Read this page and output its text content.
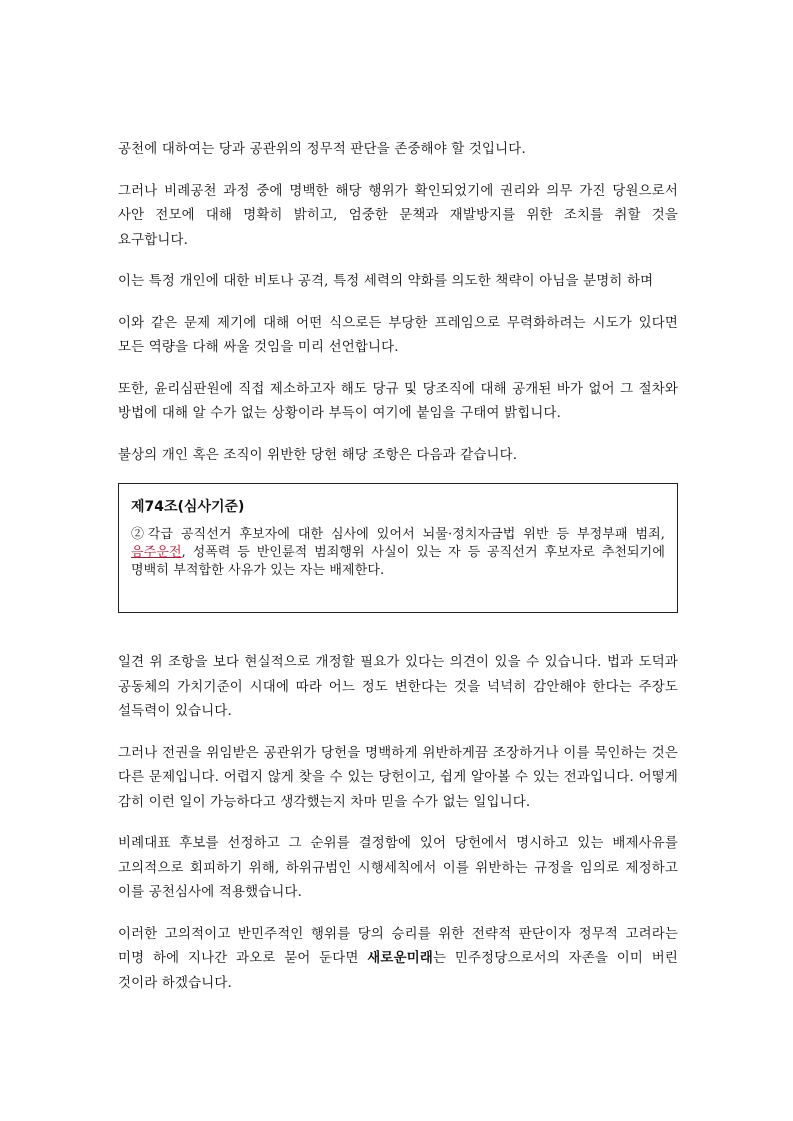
공천에 대하여는 당과 공관위의 정무적 판단을 존중해야 할 것입니다.

그러나 비례공천 과정 중에 명백한 해당 행위가 확인되었기에 권리와 의무 가진 당원으로서 사안 전모에 대해 명확히 밝히고, 엄중한 문책과 재발방지를 위한 조치를 취할 것을 요구합니다.

이는 특정 개인에 대한 비토나 공격, 특정 세력의 약화를 의도한 책략이 아님을 분명히 하며

이와 같은 문제 제기에 대해 어떤 식으로든 부당한 프레임으로 무력화하려는 시도가 있다면 모든 역량을 다해 싸울 것임을 미리 선언합니다.

또한, 윤리심판원에 직접 제소하고자 해도 당규 및 당조직에 대해 공개된 바가 없어 그 절차와 방법에 대해 알 수가 없는 상황이라 부득이 여기에 붙임을 구태여 밝힙니다.

불상의 개인 혹은 조직이 위반한 당헌 해당 조항은 다음과 같습니다.

제74조(심사기준)

②각급 공직선거 후보자에 대한 심사에 있어서 뇌물·정치자금법 위반 등 부정부패 범죄, 음주운전, 성폭력 등 반인륜적 범죄행위 사실이 있는 자 등 공직선거 후보자로 추천되기에 명백히 부적합한 사유가 있는 자는 배제한다.

일견 위 조항을 보다 현실적으로 개정할 필요가 있다는 의견이 있을 수 있습니다. 법과 도덕과 공동체의 가치기준이 시대에 따라 어느 정도 변한다는 것을 넉넉히 감안해야 한다는 주장도 설득력이 있습니다.

그러나 전권을 위임받은 공관위가 당헌을 명백하게 위반하게끔 조장하거나 이를 묵인하는 것은 다른 문제입니다. 어렵지 않게 찾을 수 있는 당헌이고, 쉽게 알아볼 수 있는 전과입니다. 어떻게 감히 이런 일이 가능하다고 생각했는지 차마 믿을 수가 없는 일입니다.

비례대표 후보를 선정하고 그 순위를 결정함에 있어 당헌에서 명시하고 있는 배제사유를 고의적으로 회피하기 위해, 하위규범인 시행세칙에서 이를 위반하는 규정을 임의로 제정하고 이를 공천심사에 적용했습니다.

이러한 고의적이고 반민주적인 행위를 당의 승리를 위한 전략적 판단이자 정무적 고려라는 미명 하에 지나간 과오로 묻어 둔다면 새로운미래는 민주정당으로서의 자존을 이미 버린 것이라 하겠습니다.
